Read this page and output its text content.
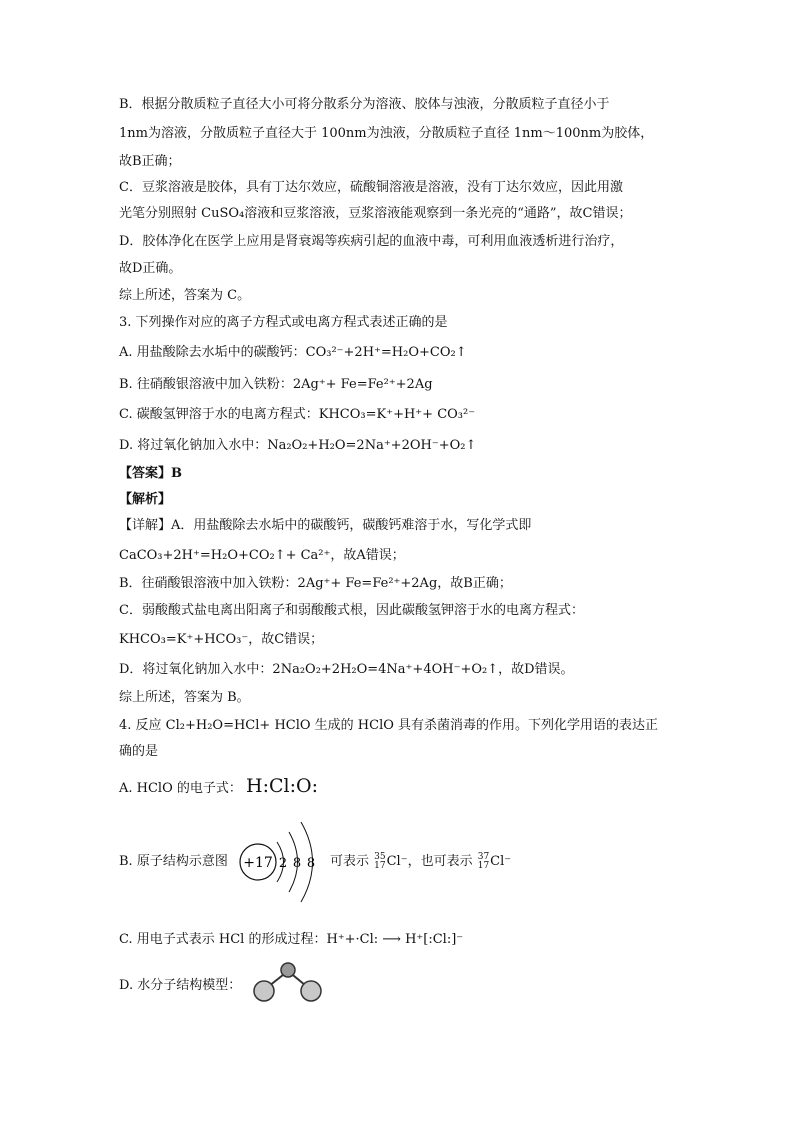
B．根据分散质粒子直径大小可将分散系分为溶液、胶体与浊液，分散质粒子直径小于
1nm为溶液，分散质粒子直径大于 100nm为浊液，分散质粒子直径 1nm～100nm为胶体，
故B正确；
C．豆浆溶液是胶体，具有丁达尔效应，硫酸铜溶液是溶液，没有丁达尔效应，因此用激
光笔分别照射 CuSO₄溶液和豆浆溶液，豆浆溶液能观察到一条光亮的“通路”，故C错误；
D．胶体净化在医学上应用是肾衰竭等疾病引起的血液中毒，可利用血液透析进行治疗，
故D正确。
综上所述，答案为 C。
3. 下列操作对应的离子方程式或电离方程式表述正确的是
A. 用盐酸除去水垢中的碳酸钙：CO₃²⁻+2H⁺=H₂O+CO₂↑
B. 往硝酸银溶液中加入铁粉：2Ag⁺+ Fe=Fe²⁺+2Ag
C. 碳酸氢钾溶于水的电离方程式：KHCO₃=K⁺+H⁺+ CO₃²⁻
D. 将过氧化钠加入水中：Na₂O₂+H₂O=2Na⁺+2OH⁻+O₂↑
【答案】B
【解析】
【详解】A．用盐酸除去水垢中的碳酸钙，碳酸钙难溶于水，写化学式即
CaCO₃+2H⁺=H₂O+CO₂↑+ Ca²⁺，故A错误；
B．往硝酸银溶液中加入铁粉：2Ag⁺+ Fe=Fe²⁺+2Ag，故B正确；
C．弱酸酸式盐电离出阳离子和弱酸酸式根，因此碳酸氢钾溶于水的电离方程式：
KHCO₃=K⁺+HCO₃⁻，故C错误；
D．将过氧化钠加入水中：2Na₂O₂+2H₂O=4Na⁺+4OH⁻+O₂↑，故D错误。
综上所述，答案为 B。
4. 反应 Cl₂+H₂O=HCl+ HClO 生成的 HClO 具有杀菌消毒的作用。下列化学用语的表达正
确的是
A. HClO 的电子式： H:Cl:O:
B. 原子结构示意图 +17 2 8 8 可表示 35
17 Cl⁻，也可表示 37
17 Cl⁻
C. 用电子式表示 HCl 的形成过程：H⁺+·Cl: ⟶ H⁺[:Cl:]⁻
D. 水分子结构模型：
